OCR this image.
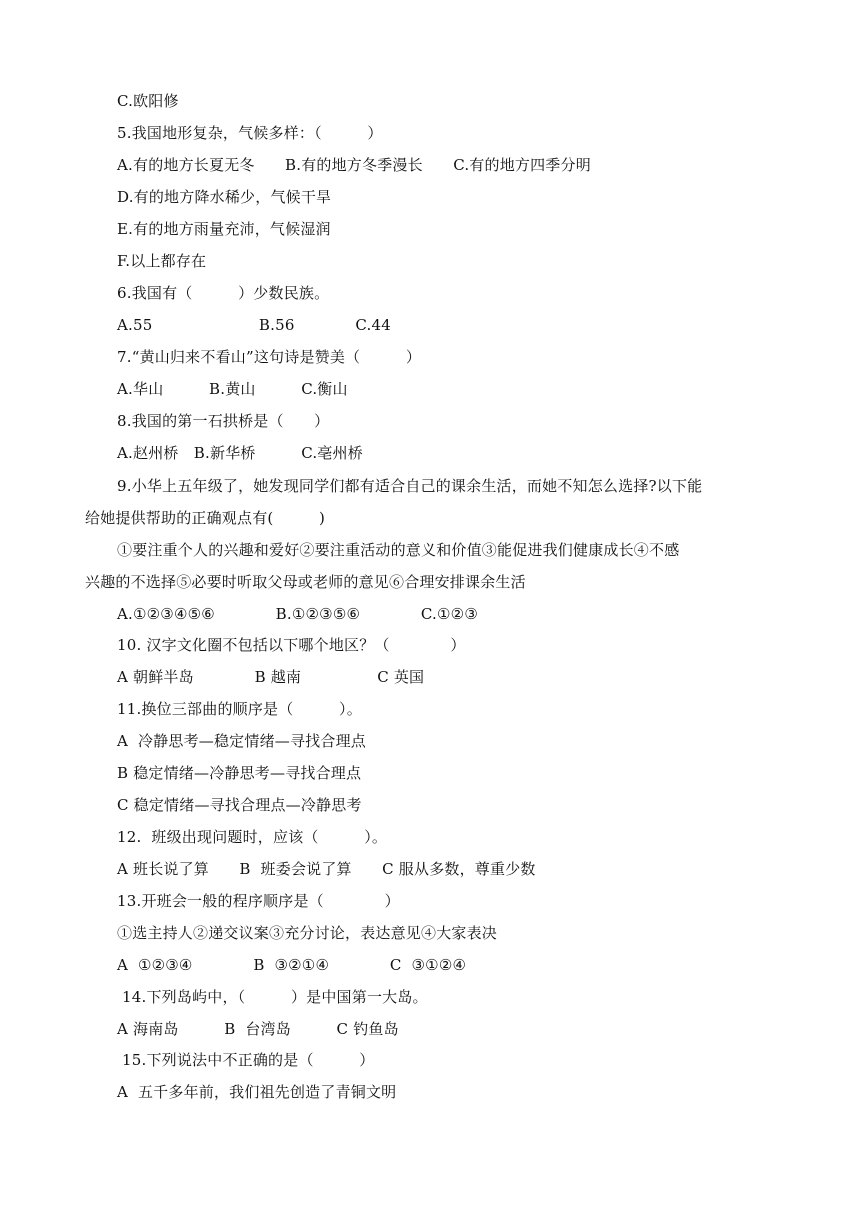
C.欧阳修
5.我国地形复杂，气候多样：（　　　）
A.有的地方长夏无冬　　B.有的地方冬季漫长　　C.有的地方四季分明
D.有的地方降水稀少，气候干旱
E.有的地方雨量充沛，气候湿润
F.以上都存在
6.我国有（　　　）少数民族。
A.55　　　　　　　B.56　　　　C.44
7.“黄山归来不看山”这句诗是赞美（　　　）
A.华山　　　B.黄山　　　C.衡山
8.我国的第一石拱桥是（　　）
A.赵州桥　B.新华桥　　　C.亳州桥
9.小华上五年级了，她发现同学们都有适合自己的课余生活，而她不知怎么选择?以下能
给她提供帮助的正确观点有(　　　)
①要注重个人的兴趣和爱好②要注重活动的意义和价值③能促进我们健康成长④不感
兴趣的不选择⑤必要时听取父母或老师的意见⑥合理安排课余生活
A.①②③④⑤⑥　　　　B.①②③⑤⑥　　　　C.①②③
10. 汉字文化圈不包括以下哪个地区？（　　　　）
A 朝鲜半岛　　　　B 越南　　　　　C 英国
11.换位三部曲的顺序是（　　　）。
A  冷静思考—稳定情绪—寻找合理点
B 稳定情绪—冷静思考—寻找合理点
C 稳定情绪—寻找合理点—冷静思考
12.  班级出现问题时，应该（　　　）。
A 班长说了算　　B  班委会说了算　　C 服从多数，尊重少数
13.开班会一般的程序顺序是（　　　　）
①选主持人②递交议案③充分讨论，表达意见④大家表决
A  ①②③④　　　　B  ③②①④　　　　C  ③①②④
14.下列岛屿中，（　　　）是中国第一大岛。
A 海南岛　　　B  台湾岛　　　C 钓鱼岛
15.下列说法中不正确的是（　　　）
A  五千多年前，我们祖先创造了青铜文明
